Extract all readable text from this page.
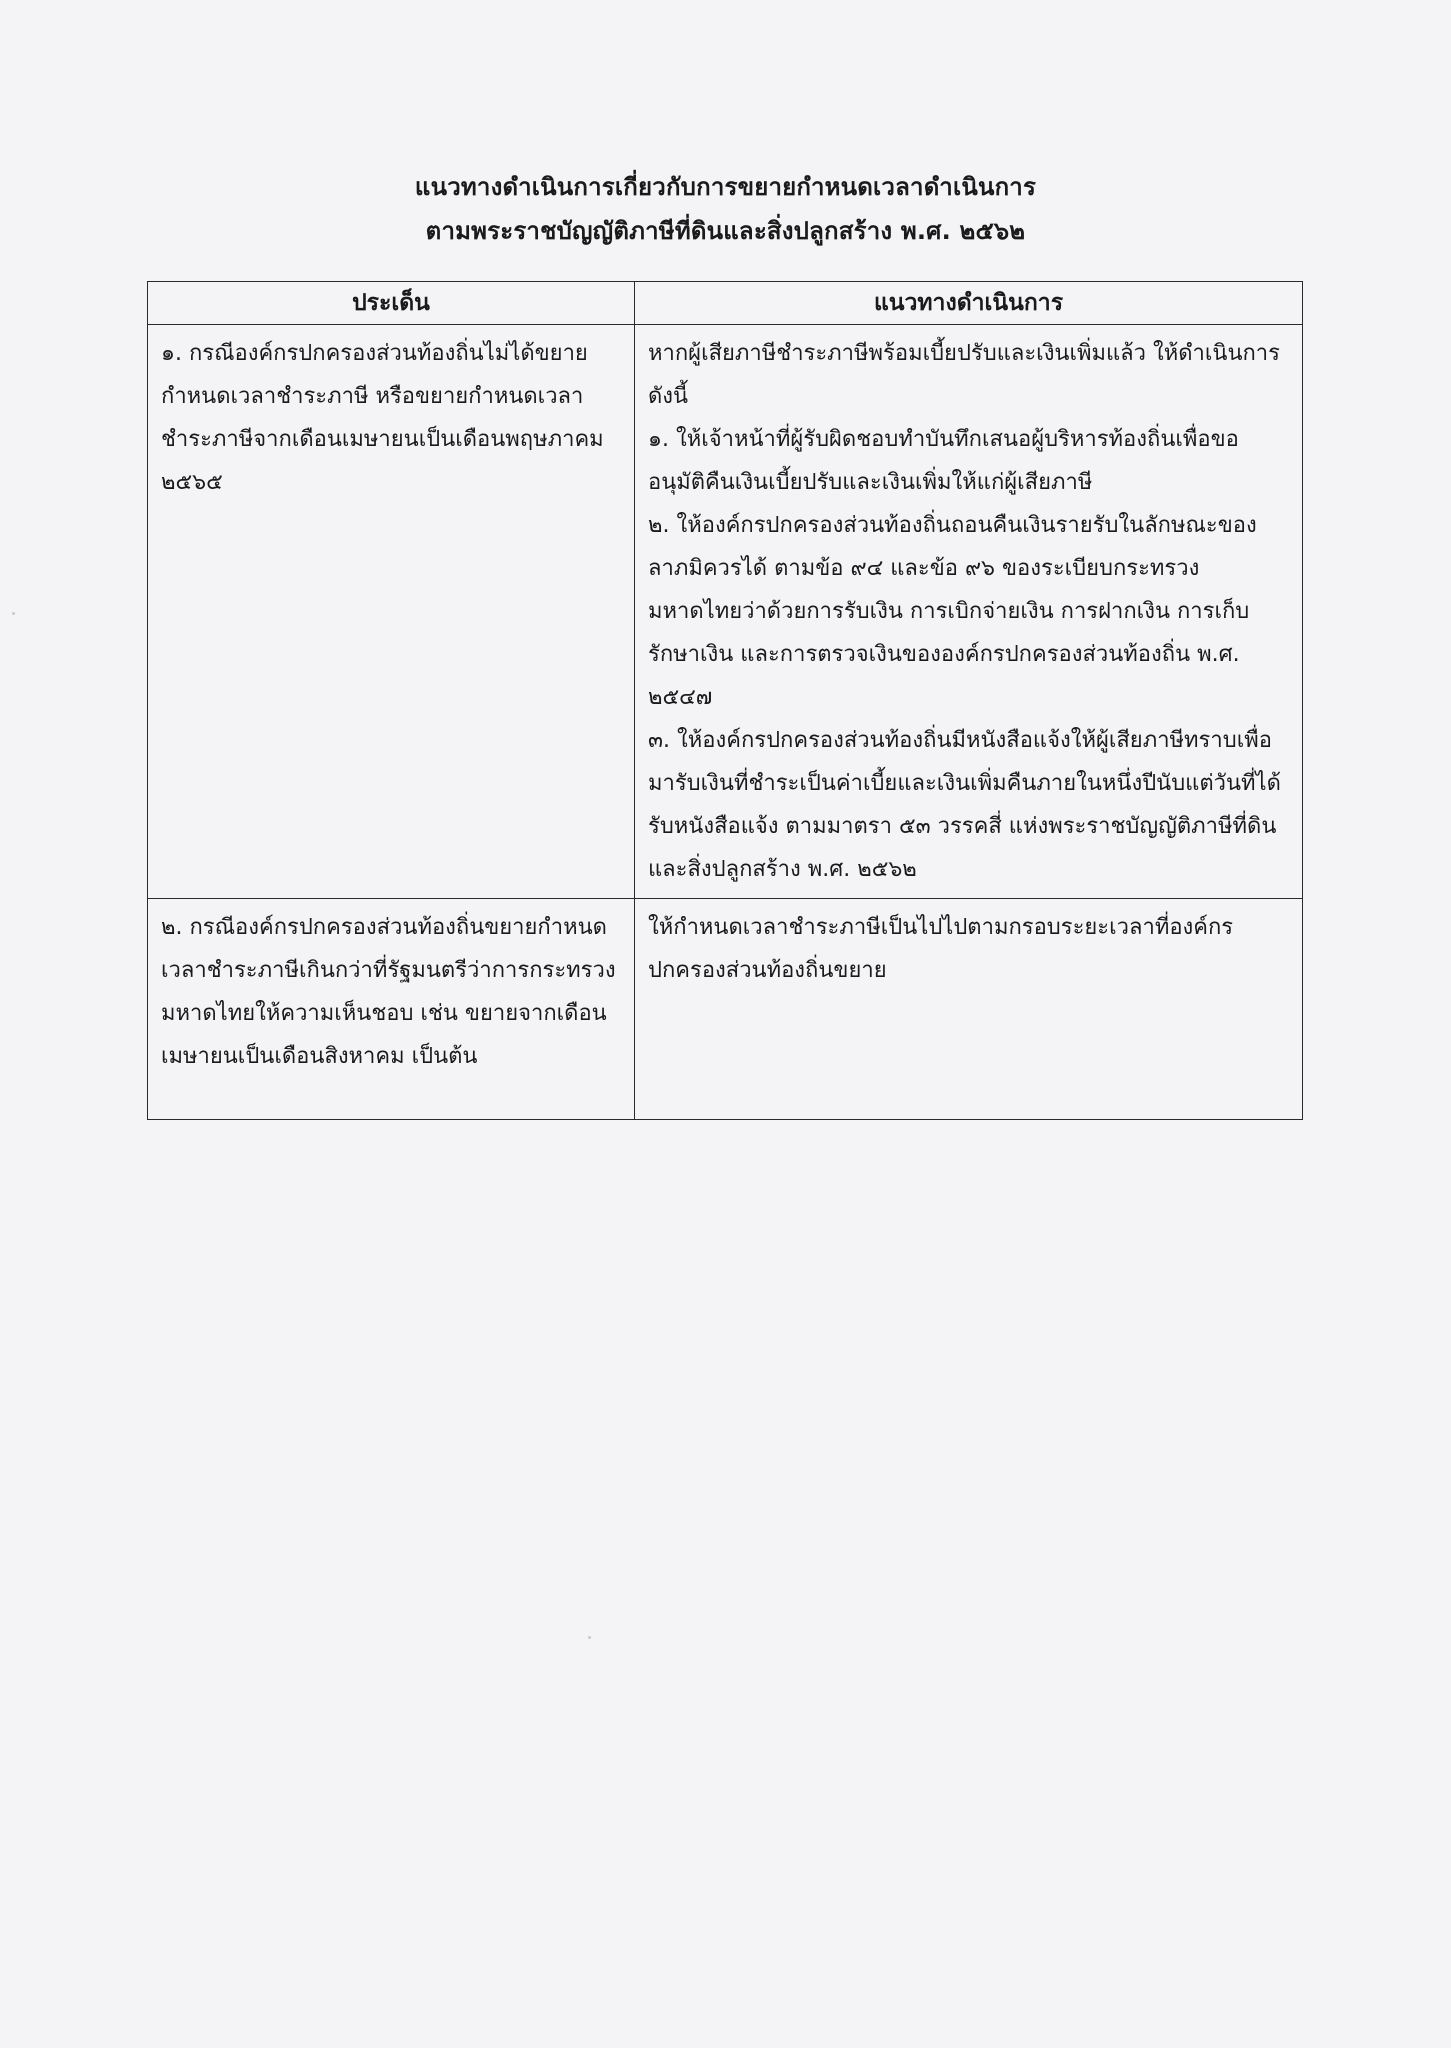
แนวทางดำเนินการเกี่ยวกับการขยายกำหนดเวลาดำเนินการ
ตามพระราชบัญญัติภาษีที่ดินและสิ่งปลูกสร้าง พ.ศ. ๒๕๖๒
ประเด็น	แนวทางดำเนินการ

๑. กรณีองค์กรปกครองส่วนท้องถิ่นไม่ได้ขยายกำหนดเวลาชำระภาษี หรือขยายกำหนดเวลาชำระภาษีจากเดือนเมษายนเป็นเดือนพฤษภาคม ๒๕๖๕	หากผู้เสียภาษีชำระภาษีพร้อมเบี้ยปรับและเงินเพิ่มแล้ว ให้ดำเนินการ ดังนี้

๑. ให้เจ้าหน้าที่ผู้รับผิดชอบทำบันทึกเสนอผู้บริหารท้องถิ่นเพื่อขออนุมัติคืนเงินเบี้ยปรับและเงินเพิ่มให้แก่ผู้เสียภาษี

๒. ให้องค์กรปกครองส่วนท้องถิ่นถอนคืนเงินรายรับในลักษณะของลาภมิควรได้ ตามข้อ ๙๔ และข้อ ๙๖ ของระเบียบกระทรวงมหาดไทยว่าด้วยการรับเงิน การเบิกจ่ายเงิน การฝากเงิน การเก็บรักษาเงิน และการตรวจเงินขององค์กรปกครองส่วนท้องถิ่น พ.ศ. ๒๕๔๗

๓. ให้องค์กรปกครองส่วนท้องถิ่นมีหนังสือแจ้งให้ผู้เสียภาษีทราบเพื่อมารับเงินที่ชำระเป็นค่าเบี้ยและเงินเพิ่มคืนภายในหนึ่งปีนับแต่วันที่ได้รับหนังสือแจ้ง ตามมาตรา ๕๓ วรรคสี่ แห่งพระราชบัญญัติภาษีที่ดินและสิ่งปลูกสร้าง พ.ศ. ๒๕๖๒

๒. กรณีองค์กรปกครองส่วนท้องถิ่นขยายกำหนดเวลาชำระภาษีเกินกว่าที่รัฐมนตรีว่าการกระทรวงมหาดไทยให้ความเห็นชอบ เช่น ขยายจากเดือนเมษายนเป็นเดือนสิงหาคม เป็นต้น	ให้กำหนดเวลาชำระภาษีเป็นไปไปตามกรอบระยะเวลาที่องค์กรปกครองส่วนท้องถิ่นขยาย
